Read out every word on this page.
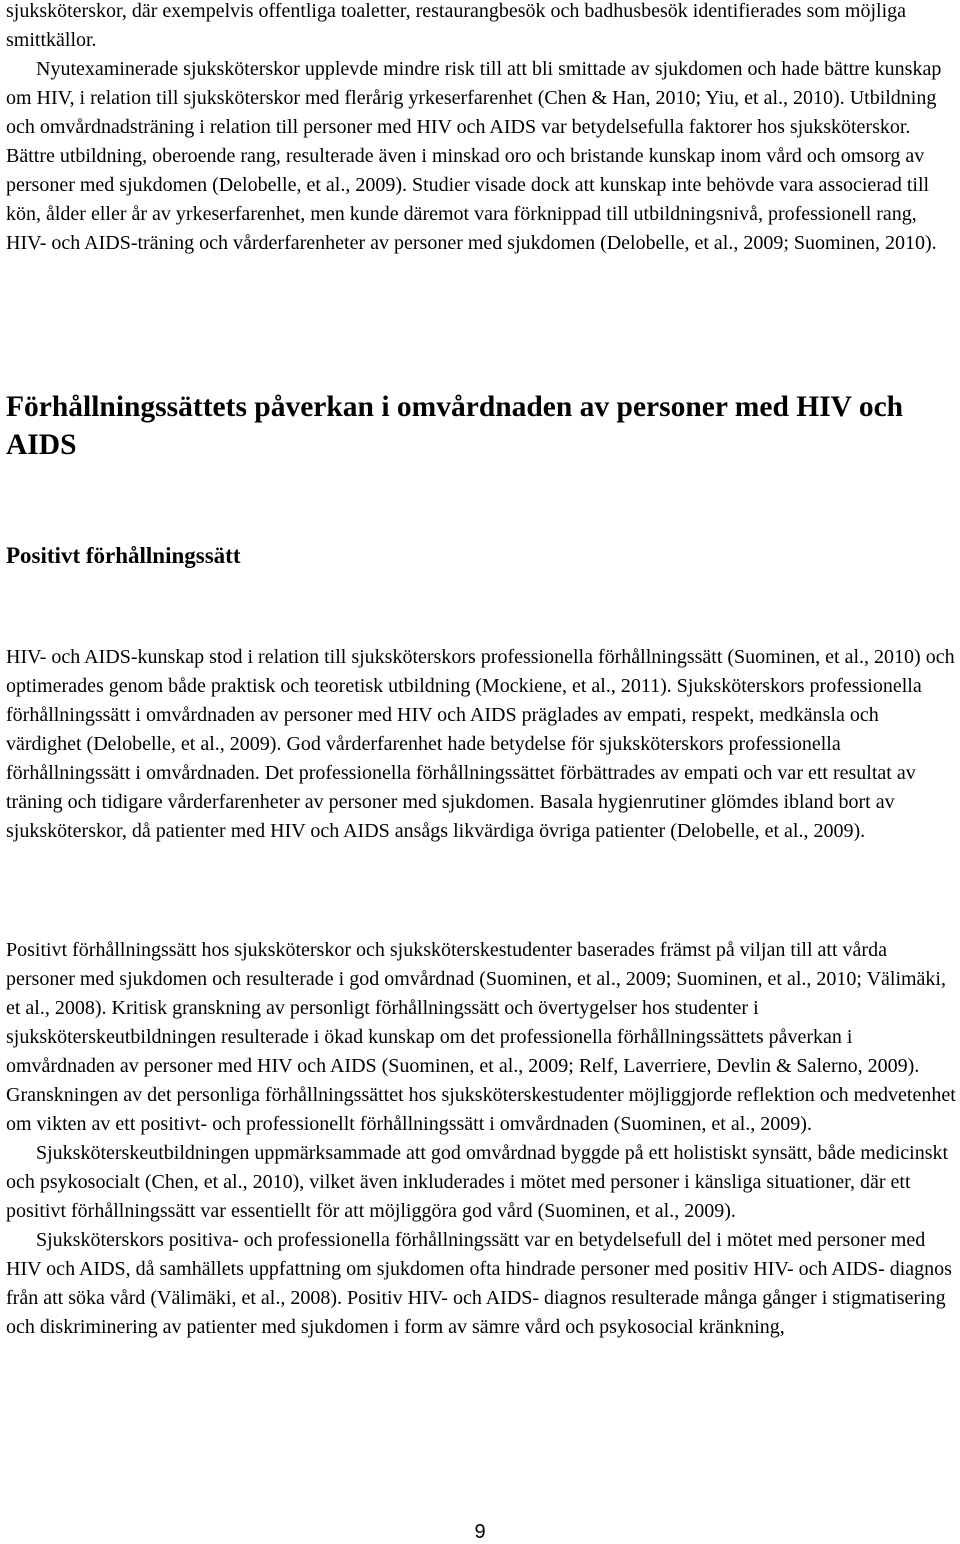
sjuksköterskor, där exempelvis offentliga toaletter, restaurangbesök och badhusbesök identifierades som möjliga smittkällor.

Nyutexaminerade sjuksköterskor upplevde mindre risk till att bli smittade av sjukdomen och hade bättre kunskap om HIV, i relation till sjuksköterskor med flerårig yrkeserfarenhet (Chen & Han, 2010; Yiu, et al., 2010). Utbildning och omvårdnadsträning i relation till personer med HIV och AIDS var betydelsefulla faktorer hos sjuksköterskor. Bättre utbildning, oberoende rang, resulterade även i minskad oro och bristande kunskap inom vård och omsorg av personer med sjukdomen (Delobelle, et al., 2009). Studier visade dock att kunskap inte behövde vara associerad till kön, ålder eller år av yrkeserfarenhet, men kunde däremot vara förknippad till utbildningsnivå, professionell rang, HIV- och AIDS-träning och vårderfarenheter av personer med sjukdomen (Delobelle, et al., 2009; Suominen, 2010).

Förhållningssättets påverkan i omvårdnaden av personer med HIV och AIDS
Positivt förhållningssätt

HIV- och AIDS-kunskap stod i relation till sjuksköterskors professionella förhållningssätt (Suominen, et al., 2010) och optimerades genom både praktisk och teoretisk utbildning (Mockiene, et al., 2011). Sjuksköterskors professionella förhållningssätt i omvårdnaden av personer med HIV och AIDS präglades av empati, respekt, medkänsla och värdighet (Delobelle, et al., 2009). God vårderfarenhet hade betydelse för sjuksköterskors professionella förhållningssätt i omvårdnaden. Det professionella förhållningssättet förbättrades av empati och var ett resultat av träning och tidigare vårderfarenheter av personer med sjukdomen. Basala hygienrutiner glömdes ibland bort av sjuksköterskor, då patienter med HIV och AIDS ansågs likvärdiga övriga patienter (Delobelle, et al., 2009).

Positivt förhållningssätt hos sjuksköterskor och sjuksköterskestudenter baserades främst på viljan till att vårda personer med sjukdomen och resulterade i god omvårdnad (Suominen, et al., 2009; Suominen, et al., 2010; Välimäki, et al., 2008). Kritisk granskning av personligt förhållningssätt och övertygelser hos studenter i sjuksköterskeutbildningen resulterade i ökad kunskap om det professionella förhållningssättets påverkan i omvårdnaden av personer med HIV och AIDS (Suominen, et al., 2009; Relf, Laverriere, Devlin & Salerno, 2009). Granskningen av det personliga förhållningssättet hos sjuksköterskestudenter möjliggjorde reflektion och medvetenhet om vikten av ett positivt- och professionellt förhållningssätt i omvårdnaden (Suominen, et al., 2009).

Sjuksköterskeutbildningen uppmärksammade att god omvårdnad byggde på ett holistiskt synsätt, både medicinskt och psykosocialt (Chen, et al., 2010), vilket även inkluderades i mötet med personer i känsliga situationer, där ett positivt förhållningssätt var essentiellt för att möjliggöra god vård (Suominen, et al., 2009).

Sjuksköterskors positiva- och professionella förhållningssätt var en betydelsefull del i mötet med personer med HIV och AIDS, då samhällets uppfattning om sjukdomen ofta hindrade personer med positiv HIV- och AIDS- diagnos från att söka vård (Välimäki, et al., 2008). Positiv HIV- och AIDS- diagnos resulterade många gånger i stigmatisering och diskriminering av patienter med sjukdomen i form av sämre vård och psykosocial kränkning,

9
